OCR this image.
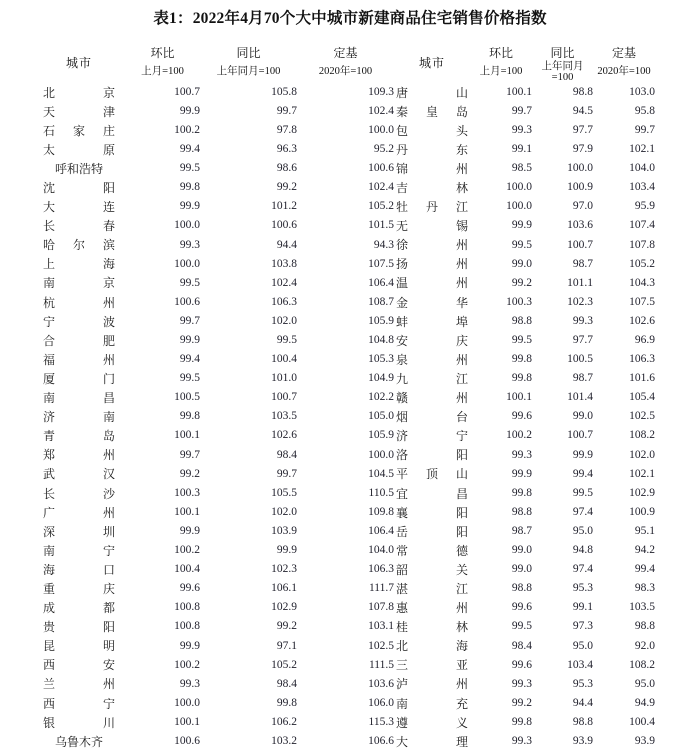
表1：2022年4月70个大中城市新建商品住宅销售价格指数
城市	环比	同比	定基	城市	环比	同比	定基
	上月=100	上年同月=100	2020年=100		上月=100	上年同月=100	2020年=100
北京	100.7	105.8	109.3	唐山	100.1	98.8	103.0
天津	99.9	99.7	102.4	秦皇岛	99.7	94.5	95.8
石家庄	100.2	97.8	100.0	包头	99.3	97.7	99.7
太原	99.4	96.3	95.2	丹东	99.1	97.9	102.1
呼和浩特	99.5	98.6	100.6	锦州	98.5	100.0	104.0
沈阳	99.8	99.2	102.4	吉林	100.0	100.9	103.4
大连	99.9	101.2	105.2	牡丹江	100.0	97.0	95.9
长春	100.0	100.6	101.5	无锡	99.9	103.6	107.4
哈尔滨	99.3	94.4	94.3	徐州	99.5	100.7	107.8
上海	100.0	103.8	107.5	扬州	99.0	98.7	105.2
南京	99.5	102.4	106.4	温州	99.2	101.1	104.3
杭州	100.6	106.3	108.7	金华	100.3	102.3	107.5
宁波	99.7	102.0	105.9	蚌埠	98.8	99.3	102.6
合肥	99.9	99.5	104.8	安庆	99.5	97.7	96.9
福州	99.4	100.4	105.3	泉州	99.8	100.5	106.3
厦门	99.5	101.0	104.9	九江	99.8	98.7	101.6
南昌	100.5	100.7	102.2	赣州	100.1	101.4	105.4
济南	99.8	103.5	105.0	烟台	99.6	99.0	102.5
青岛	100.1	102.6	105.9	济宁	100.2	100.7	108.2
郑州	99.7	98.4	100.0	洛阳	99.3	99.9	102.0
武汉	99.2	99.7	104.5	平顶山	99.9	99.4	102.1
长沙	100.3	105.5	110.5	宜昌	99.8	99.5	102.9
广州	100.1	102.0	109.8	襄阳	98.8	97.4	100.9
深圳	99.9	103.9	106.4	岳阳	98.7	95.0	95.1
南宁	100.2	99.9	104.0	常德	99.0	94.8	94.2
海口	100.4	102.3	106.3	韶关	99.0	97.4	99.4
重庆	99.6	106.1	111.7	湛江	98.8	95.3	98.3
成都	100.8	102.9	107.8	惠州	99.6	99.1	103.5
贵阳	100.8	99.2	103.1	桂林	99.5	97.3	98.8
昆明	99.9	97.1	102.5	北海	98.4	95.0	92.0
西安	100.2	105.2	111.5	三亚	99.6	103.4	108.2
兰州	99.3	98.4	103.6	泸州	99.3	95.3	95.0
西宁	100.0	99.8	106.0	南充	99.2	94.4	94.9
银川	100.1	106.2	115.3	遵义	99.8	98.8	100.4
乌鲁木齐	100.6	103.2	106.6	大理	99.3	93.9	93.9
